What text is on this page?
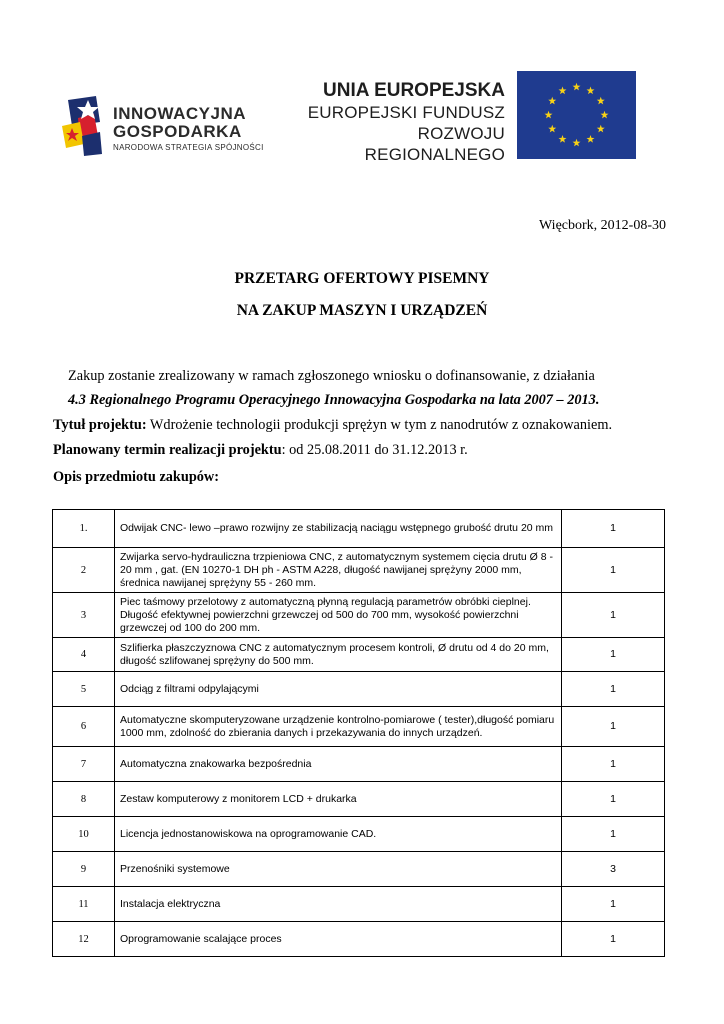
INNOWACYJNA
GOSPODARKA
NARODOWA STRATEGIA SPÓJNOŚCI
UNIA EUROPEJSKA
EUROPEJSKI FUNDUSZ
ROZWOJU REGIONALNEGO
Więcbork, 2012-08-30
PRZETARG OFERTOWY PISEMNY
NA ZAKUP MASZYN I URZĄDZEŃ
Zakup zostanie zrealizowany w ramach zgłoszonego wniosku o dofinansowanie, z działania
4.3 Regionalnego Programu Operacyjnego Innowacyjna Gospodarka na lata 2007 – 2013.
Tytuł projektu: Wdrożenie technologii produkcji sprężyn w tym z nanodrutów z oznakowaniem.
Planowany termin realizacji projektu: od 25.08.2011 do 31.12.2013 r.
Opis przedmiotu zakupów:
1.	Odwijak CNC- lewo –prawo rozwijny ze stabilizacją naciągu wstępnego grubość drutu 20 mm	1
2	Zwijarka servo-hydrauliczna trzpieniowa CNC, z automatycznym systemem cięcia drutu Ø 8 - 20 mm , gat. (EN 10270-1 DH ph - ASTM A228, długość nawijanej sprężyny 2000 mm, średnica nawijanej sprężyny 55 - 260 mm.	1
3	Piec taśmowy przelotowy z automatyczną płynną regulacją parametrów obróbki cieplnej. Długość efektywnej powierzchni grzewczej od 500 do 700 mm, wysokość powierzchni grzewczej od 100 do 200 mm.	1
4	Szlifierka płaszczyznowa CNC z automatycznym procesem kontroli, Ø drutu od 4 do 20 mm, długość szlifowanej sprężyny do 500 mm.	1
5	Odciąg z filtrami odpylającymi	1
6	Automatyczne skomputeryzowane urządzenie kontrolno-pomiarowe ( tester),długość pomiaru 1000 mm, zdolność do zbierania danych i przekazywania do innych urządzeń.	1
7	Automatyczna znakowarka bezpośrednia	1
8	Zestaw komputerowy z monitorem LCD + drukarka	1
10	Licencja jednostanowiskowa na oprogramowanie CAD.	1
9	Przenośniki systemowe	3
11	Instalacja elektryczna	1
12	Oprogramowanie scalające proces	1
